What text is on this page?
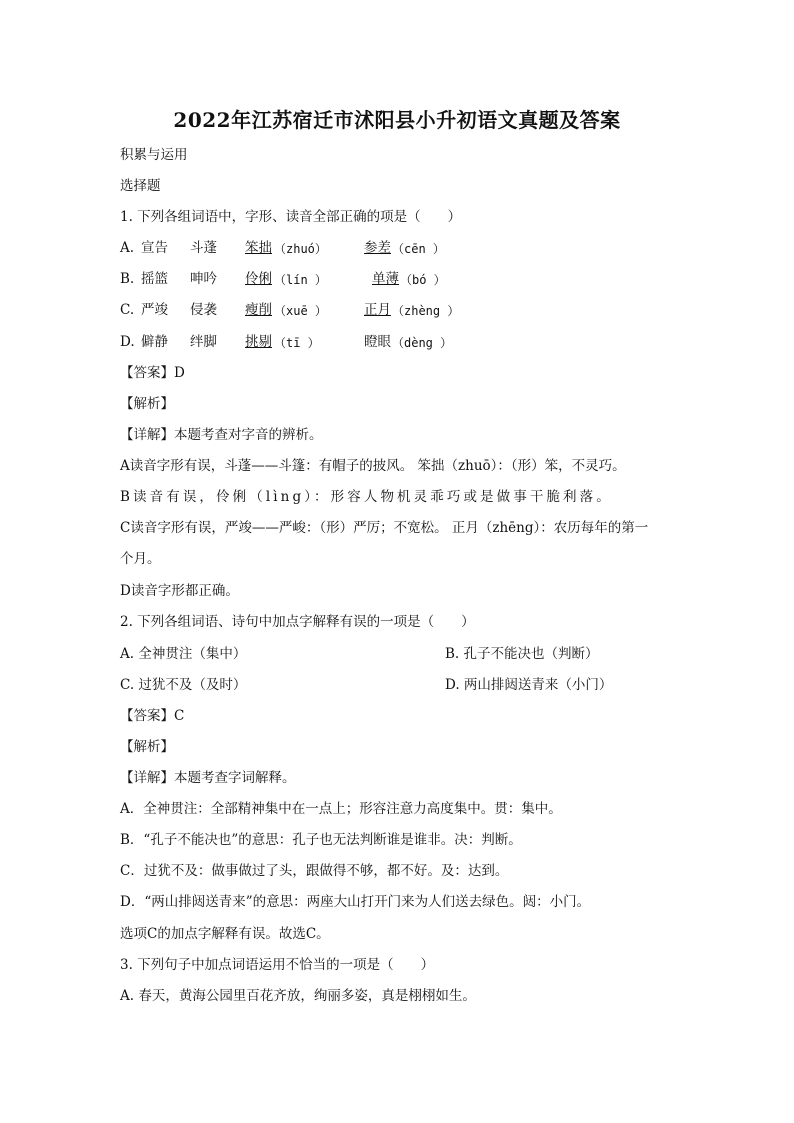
2022年江苏宿迁市沭阳县小升初语文真题及答案
积累与运用
选择题
1. 下列各组词语中，字形、读音全部正确的项是（　　）
A. 宣告 斗蓬 笨拙 （zhuó）	参差 （cēn ）
B. 摇篮 呻吟 伶俐 （lín ）	单薄 （bó ）
C. 严竣 侵袭 瘦削 （xuē ）	正月 （zhèng ）
D. 僻静 绊脚 挑剔 （tī ）	瞪眼 （dèng ）
【答案】D
【解析】
【详解】本题考查对字音的辨析。
A读音字形有误，斗蓬——斗篷：有帽子的披风。 笨拙（zhuō）：（形）笨，不灵巧。
B读音有误，伶俐（lìng）：形容人物机灵乖巧或是做事干脆利落。
C读音字形有误，严竣——严峻：（形）严厉；不宽松。 正月（zhēng）：农历每年的第一
个月。
D读音字形都正确。
2. 下列各组词语、诗句中加点字解释有误的一项是（　　）
A. 全神贯注（集中）	B. 孔子不能决也（判断）
C. 过犹不及（及时）	D. 两山排闼送青来（小门）
【答案】C
【解析】
【详解】本题考查字词解释。
A．全神贯注：全部精神集中在一点上；形容注意力高度集中。贯：集中。
B．“孔子不能决也”的意思：孔子也无法判断谁是谁非。决：判断。
C．过犹不及：做事做过了头，跟做得不够，都不好。及：达到。
D．“两山排闼送青来”的意思：两座大山打开门来为人们送去绿色。闼：小门。
选项C的加点字解释有误。故选C。
3. 下列句子中加点词语运用不恰当的一项是（　　）
A. 春天，黄海公园里百花齐放，绚丽多姿，真是栩栩如生。
